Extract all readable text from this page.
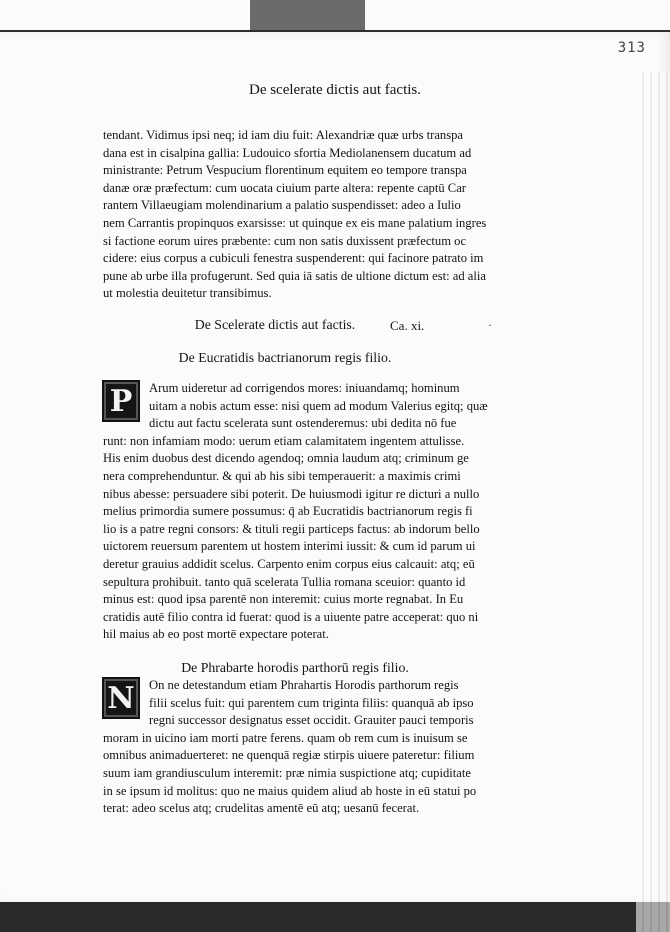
313
De scelerate dictis aut factis.
tendant. Vidimus ipsi neq; id iam diu fuit: Alexandriæ quæ urbs transpa
dana est in cisalpina gallia: Ludouico sfortia Mediolanensem ducatum ad
ministrante: Petrum Vespucium florentinum equitem eo tempore transpa
danæ oræ præfectum: cum uocata ciuium parte altera: repente captū Car
rantem Villaeugiam molendinarium a palatio suspendisset: adeo a Iulio
nem Carrantis propinquos exarsisse: ut quinque ex eis mane palatium ingres
si factione eorum uires præbente: cum non satis duxissent præfectum oc
cidere: eius corpus a cubiculi fenestra suspenderent: qui facinore patrato im
pune ab urbe illa profugerunt. Sed quia iā satis de ultione dictum est: ad alia
ut molestia deuitetur transibimus.
De Scelerate dictis aut factis.	Ca. xi.	·
De Eucratidis bactrianorum regis filio.
P	Arum uideretur ad corrigendos mores: iniuandamq; hominum
uitam a nobis actum esse: nisi quem ad modum Valerius egitq; quæ
dictu aut factu scelerata sunt ostenderemus: ubi dedita nō fue
runt: non infamiam modo: uerum etiam calamitatem ingentem attulisse.
His enim duobus dest dicendo agendoq; omnia laudum atq; criminum ge
nera comprehenduntur. & qui ab his sibi temperauerit: a maximis crimi
nibus abesse: persuadere sibi poterit. De huiusmodi igitur re dicturi a nullo
melius primordia sumere possumus: q̄ ab Eucratidis bactrianorum regis fi
lio is a patre regni consors: & tituli regii particeps factus: ab indorum bello
uictorem reuersum parentem ut hostem interimi iussit: & cum id parum ui
deretur grauius addidit scelus. Carpento enim corpus eius calcauit: atq; eū
sepultura prohibuit. tanto quā scelerata Tullia romana sceuior: quanto id
minus est: quod ipsa parentē non interemit: cuius morte regnabat. In Eu
cratidis autē filio contra id fuerat: quod is a uiuente patre acceperat: quo ni
hil maius ab eo post mortē expectare poterat.
De Phrabarte horodis parthorū regis filio.
N	On ne detestandum etiam Phrahartis Horodis parthorum regis
filii scelus fuit: qui parentem cum triginta filiis: quanquā ab ipso
regni successor designatus esset occidit. Grauiter pauci temporis
moram in uicino iam morti patre ferens. quam ob rem cum is inuisum se
omnibus animaduerteret: ne quenquā regiæ stirpis uiuere pateretur: filium
suum iam grandiusculum interemit: præ nimia suspictione atq; cupiditate
in se ipsum id molitus: quo ne maius quidem aliud ab hoste in eū statui po
terat: adeo scelus atq; crudelitas amentē eū atq; uesanū fecerat.
